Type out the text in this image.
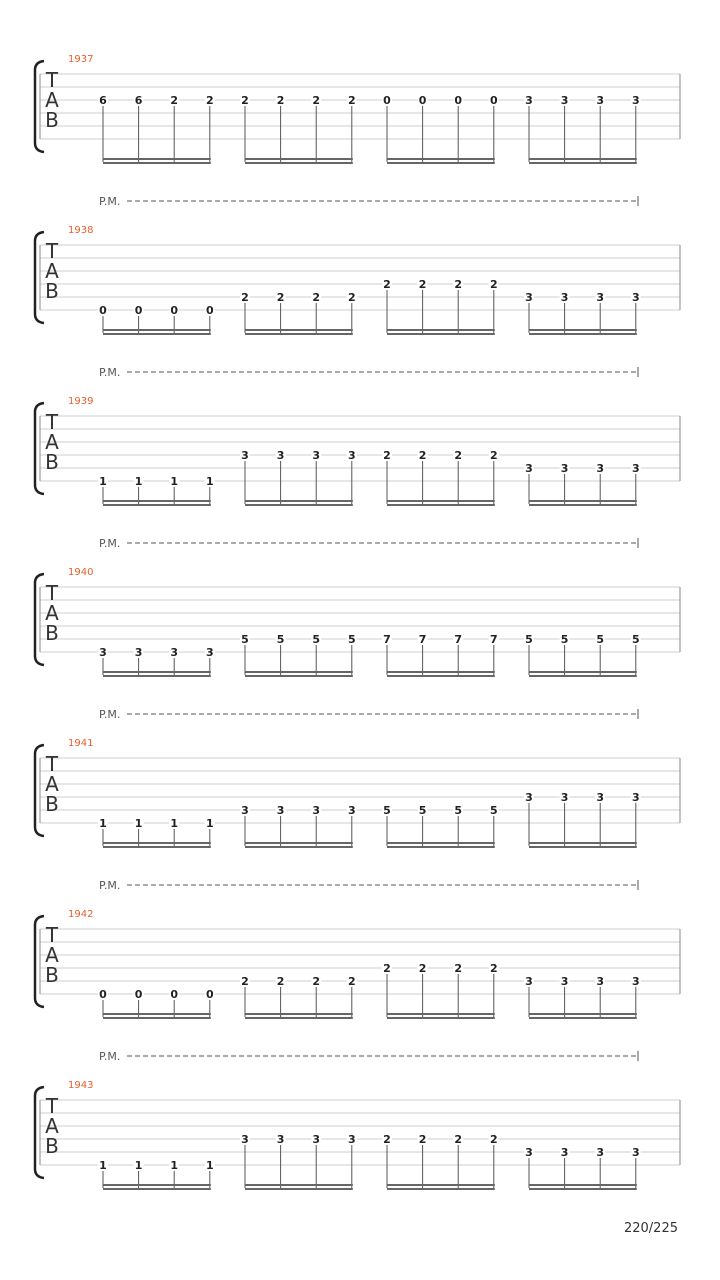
1937
T
A
B
6	6	2	2	2	2	2	2	0	0	0	0	3	3	3	3
P.M.
1938
T
A
B
0	0	0	0
2	2	2	2
2	2	2	2
3	3	3	3
P.M.
1939
T
A
B
1	1	1	1
3	3	3	3	2	2	2	2
3	3	3	3
P.M.
1940
T
A
B
3	3	3	3
5	5	5	5	7	7	7	7	5	5	5	5
P.M.
1941
T
A
B
1	1	1	1
3	3	3	3	5	5	5	5
3	3	3	3
P.M.
1942
T
A
B
0	0	0	0
2	2	2	2
2	2	2	2
3	3	3	3
P.M.
1943
T
A
B
1	1	1	1
3	3	3	3	2	2	2	2
3	3	3	3
220/225
